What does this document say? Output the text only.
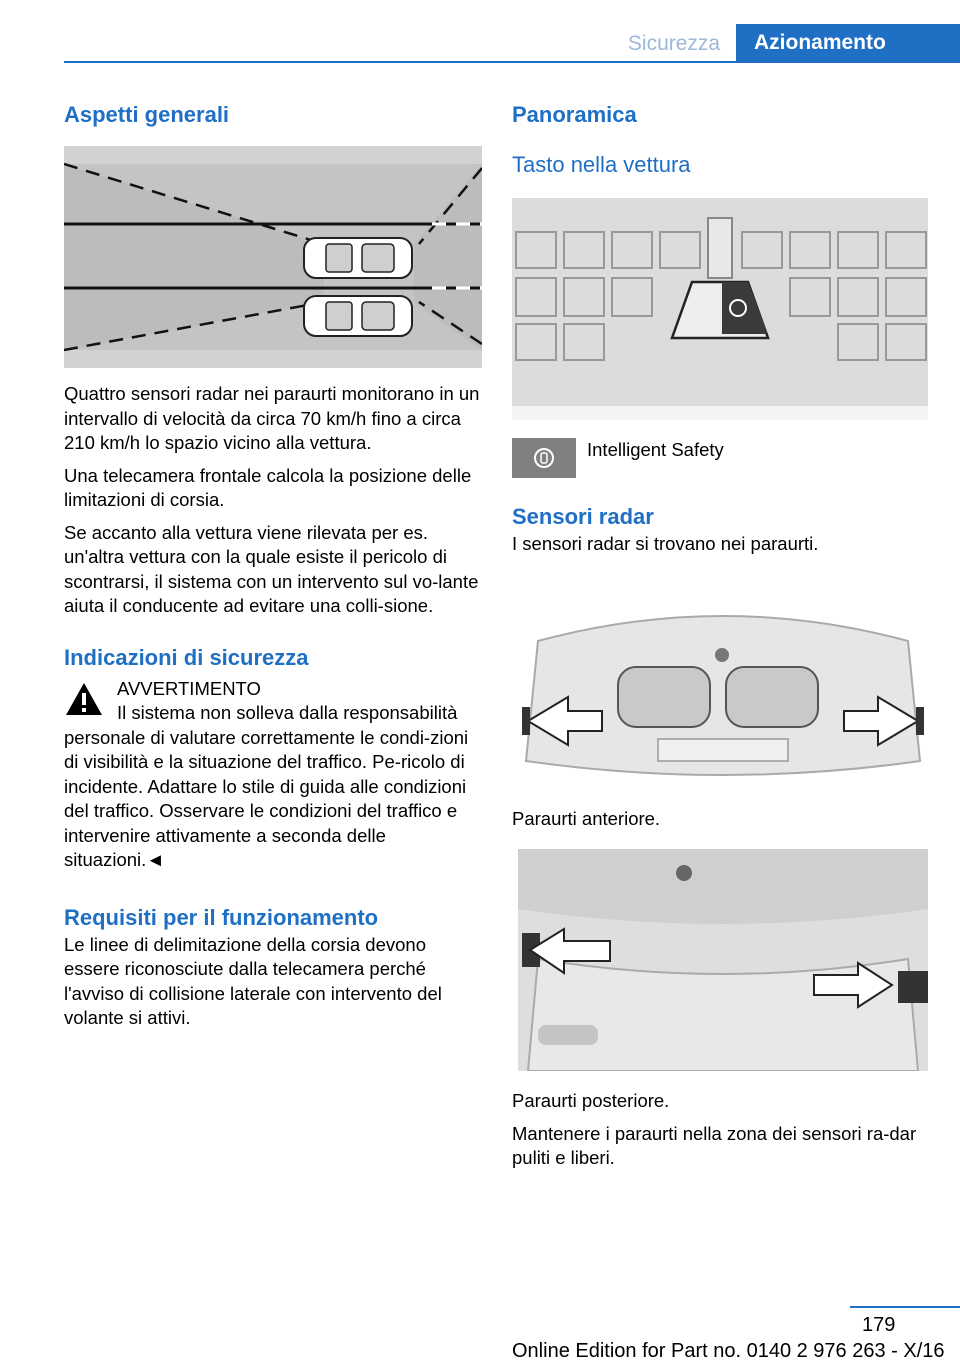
Sicurezza	Azionamento
Aspetti generali

Quattro sensori radar nei paraurti monitorano in un intervallo di velocità da circa 70 km/h fino a circa 210 km/h lo spazio vicino alla vettura.

Una telecamera frontale calcola la posizione delle limitazioni di corsia.

Se accanto alla vettura viene rilevata per es. un'altra vettura con la quale esiste il pericolo di scontrarsi, il sistema con un intervento sul vo-lante aiuta il conducente ad evitare una colli-sione.

Indicazioni di sicurezza

AVVERTIMENTO

Il sistema non solleva dalla responsabilità personale di valutare correttamente le condi-zioni di visibilità e la situazione del traffico. Pe-ricolo di incidente. Adattare lo stile di guida alle condizioni del traffico. Osservare le condizioni del traffico e intervenire attivamente a seconda delle situazioni.◄

Requisiti per il funzionamento

Le linee di delimitazione della corsia devono essere riconosciute dalla telecamera perché l'avviso di collisione laterale con intervento del volante si attivi.

Panoramica
Tasto nella vettura
Intelligent Safety
Sensori radar

I sensori radar si trovano nei paraurti.

Paraurti anteriore.

Paraurti posteriore.

Mantenere i paraurti nella zona dei sensori ra-dar puliti e liberi.

179
Online Edition for Part no. 0140 2 976 263 - X/16
